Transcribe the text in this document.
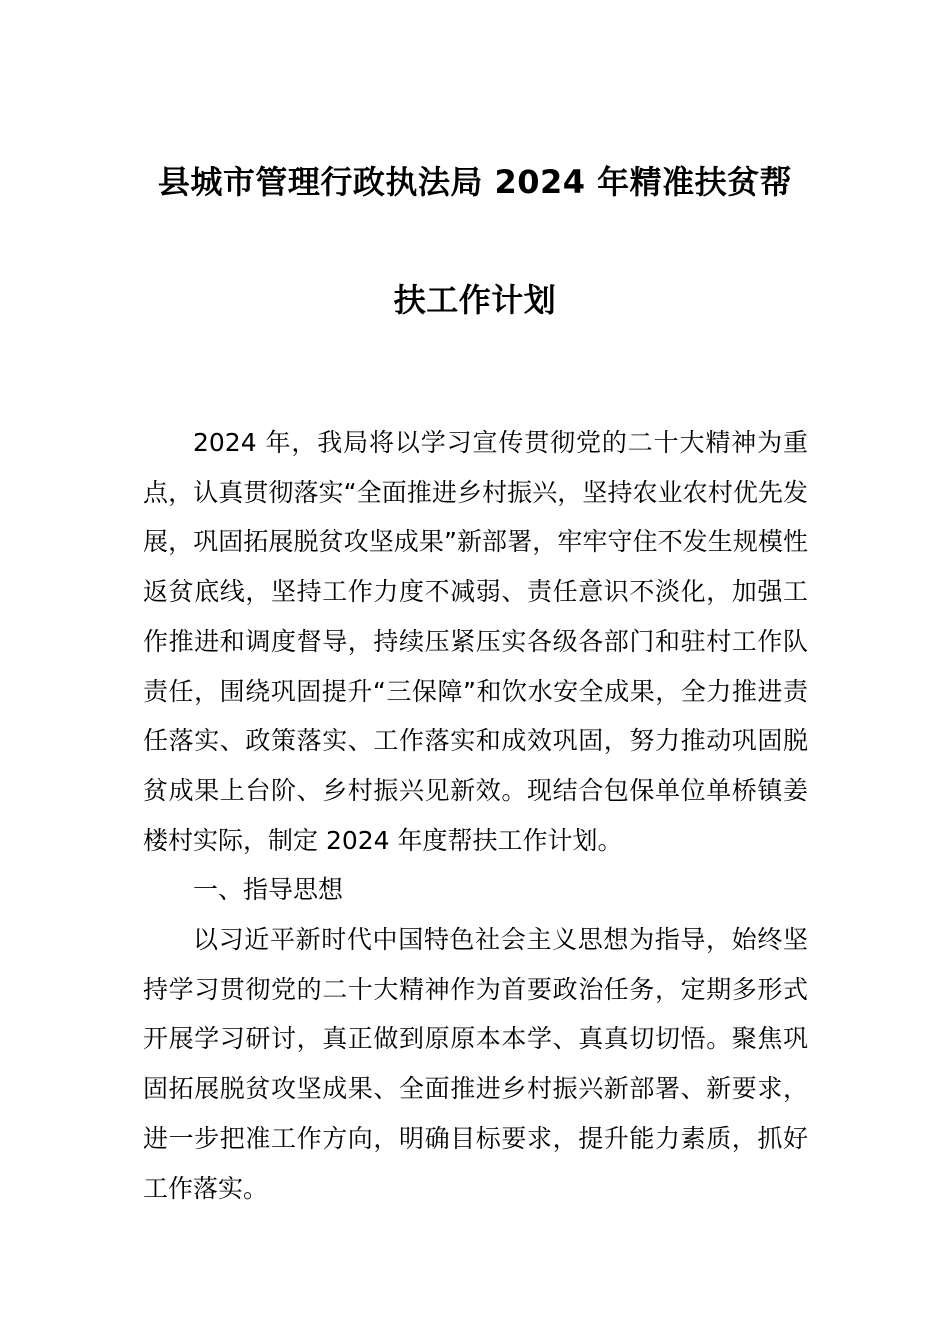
县城市管理行政执法局 2024 年精准扶贫帮
扶工作计划

2024 年，我局将以学习宣传贯彻党的二十大精神为重点，认真贯彻落实“全面推进乡村振兴，坚持农业农村优先发展，巩固拓展脱贫攻坚成果”新部署，牢牢守住不发生规模性返贫底线，坚持工作力度不减弱、责任意识不淡化，加强工作推进和调度督导，持续压紧压实各级各部门和驻村工作队责任，围绕巩固提升“三保障”和饮水安全成果，全力推进责任落实、政策落实、工作落实和成效巩固，努力推动巩固脱贫成果上台阶、乡村振兴见新效。现结合包保单位单桥镇姜楼村实际，制定 2024 年度帮扶工作计划。

一、指导思想

以习近平新时代中国特色社会主义思想为指导，始终坚持学习贯彻党的二十大精神作为首要政治任务，定期多形式开展学习研讨，真正做到原原本本学、真真切切悟。聚焦巩固拓展脱贫攻坚成果、全面推进乡村振兴新部署、新要求，进一步把准工作方向，明确目标要求，提升能力素质，抓好工作落实。
